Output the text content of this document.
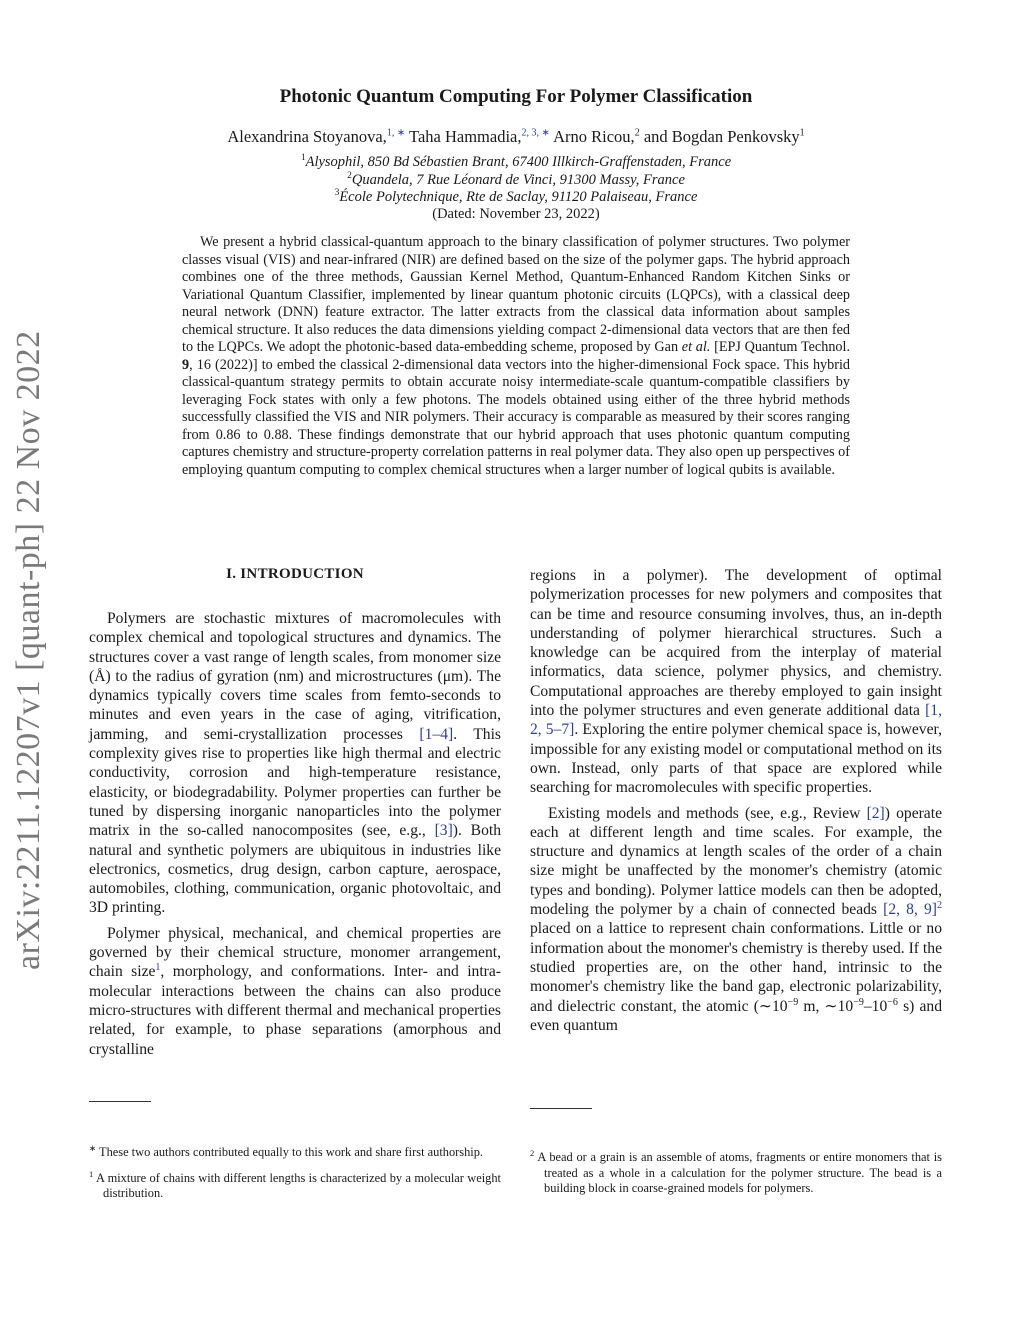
arXiv:2211.12207v1 [quant-ph] 22 Nov 2022
Photonic Quantum Computing For Polymer Classification
Alexandrina Stoyanova,$^{1, ∗}$ Taha Hammadia,$^{2, 3, ∗}$ Arno Ricou,$^2$ and Bogdan Penkovsky$^1$
$^1$Alysophil, 850 Bd Sébastien Brant, 67400 Illkirch-Graffenstaden, France
$^2$Quandela, 7 Rue Léonard de Vinci, 91300 Massy, France
$^3$École Polytechnique, Rte de Saclay, 91120 Palaiseau, France
(Dated: November 23, 2022)
We present a hybrid classical-quantum approach to the binary classification of polymer structures. Two polymer classes visual (VIS) and near-infrared (NIR) are defined based on the size of the polymer gaps. The hybrid approach combines one of the three methods, Gaussian Kernel Method, Quantum-Enhanced Random Kitchen Sinks or Variational Quantum Classifier, implemented by linear quantum photonic circuits (LQPCs), with a classical deep neural network (DNN) feature extractor. The latter extracts from the classical data information about samples chemical structure. It also reduces the data dimensions yielding compact 2-dimensional data vectors that are then fed to the LQPCs. We adopt the photonic-based data-embedding scheme, proposed by Gan et al. [EPJ Quantum Technol. 9, 16 (2022)] to embed the classical 2-dimensional data vectors into the higher-dimensional Fock space. This hybrid classical-quantum strategy permits to obtain accurate noisy intermediate-scale quantum-compatible classifiers by leveraging Fock states with only a few photons. The models obtained using either of the three hybrid methods successfully classified the VIS and NIR polymers. Their accuracy is comparable as measured by their scores ranging from 0.86 to 0.88. These findings demonstrate that our hybrid approach that uses photonic quantum computing captures chemistry and structure-property correlation patterns in real polymer data. They also open up perspectives of employing quantum computing to complex chemical structures when a larger number of logical qubits is available.
I. INTRODUCTION

Polymers are stochastic mixtures of macromolecules with complex chemical and topological structures and dynamics. The structures cover a vast range of length scales, from monomer size (Å) to the radius of gyration (nm) and microstructures (μm). The dynamics typically covers time scales from femto-seconds to minutes and even years in the case of aging, vitrification, jamming, and semi-crystallization processes [1–4]. This complexity gives rise to properties like high thermal and electric conductivity, corrosion and high-temperature resistance, elasticity, or biodegradability. Polymer properties can further be tuned by dispersing inorganic nanoparticles into the polymer matrix in the so-called nanocomposites (see, e.g., [3]). Both natural and synthetic polymers are ubiquitous in industries like electronics, cosmetics, drug design, carbon capture, aerospace, automobiles, clothing, communication, organic photovoltaic, and 3D printing.

Polymer physical, mechanical, and chemical properties are governed by their chemical structure, monomer arrangement, chain size$^1$, morphology, and conformations. Inter- and intra-molecular interactions between the chains can also produce micro-structures with different thermal and mechanical properties related, for example, to phase separations (amorphous and crystalline

regions in a polymer). The development of optimal polymerization processes for new polymers and composites that can be time and resource consuming involves, thus, an in-depth understanding of polymer hierarchical structures. Such a knowledge can be acquired from the interplay of material informatics, data science, polymer physics, and chemistry. Computational approaches are thereby employed to gain insight into the polymer structures and even generate additional data [1, 2, 5–7]. Exploring the entire polymer chemical space is, however, impossible for any existing model or computational method on its own. Instead, only parts of that space are explored while searching for macromolecules with specific properties.

Existing models and methods (see, e.g., Review [2]) operate each at different length and time scales. For example, the structure and dynamics at length scales of the order of a chain size might be unaffected by the monomer's chemistry (atomic types and bonding). Polymer lattice models can then be adopted, modeling the polymer by a chain of connected beads [2, 8, 9]$^2$ placed on a lattice to represent chain conformations. Little or no information about the monomer's chemistry is thereby used. If the studied properties are, on the other hand, intrinsic to the monomer's chemistry like the band gap, electronic polarizability, and dielectric constant, the atomic ($\sim 10^{-9}$ m, $\sim 10^{-9}-10^{-6}$ s) and even quantum

∗ These two authors contributed equally to this work and share first authorship.
$^1$ A mixture of chains with different lengths is characterized by a molecular weight distribution.
$^2$ A bead or a grain is an assemble of atoms, fragments or entire monomers that is treated as a whole in a calculation for the polymer structure. The bead is a building block in coarse-grained models for polymers.
